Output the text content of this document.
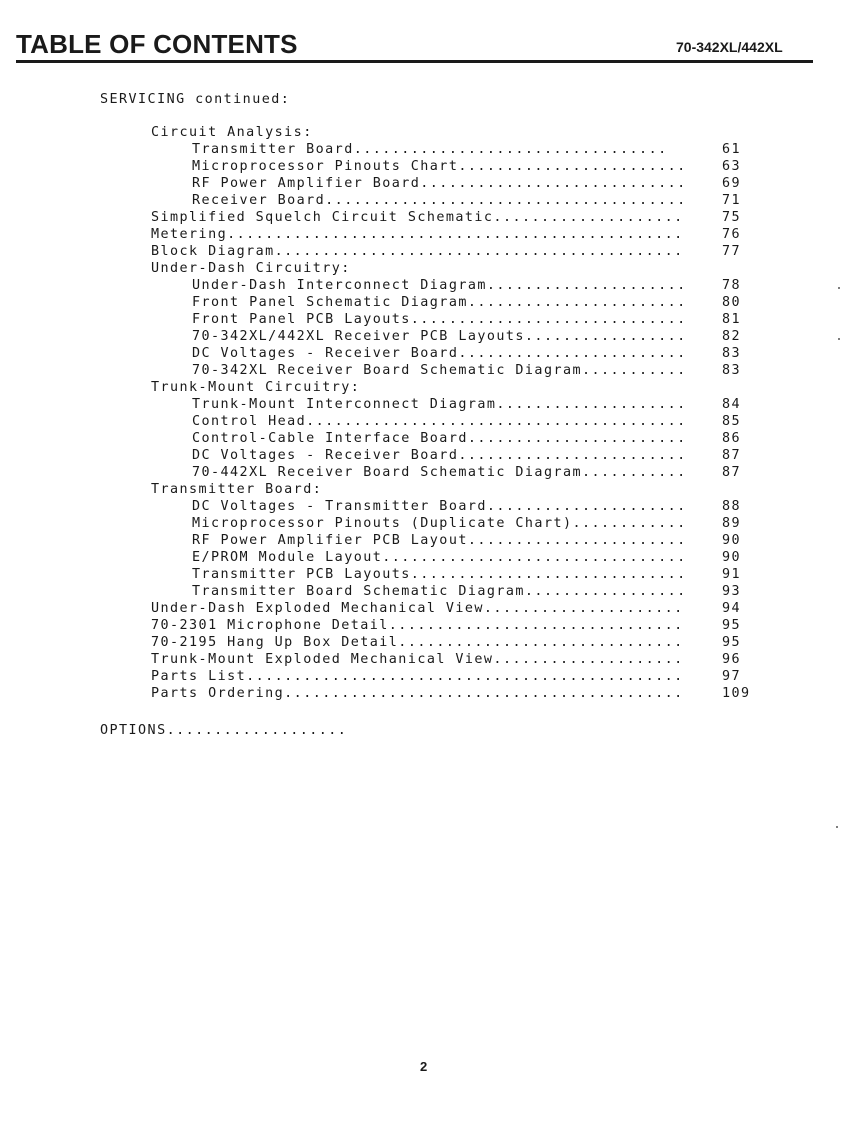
TABLE OF CONTENTS	70-342XL/442XL
SERVICING continued:
Circuit Analysis:
Transmitter Board.................................	61
Microprocessor Pinouts Chart........................	63
RF Power Amplifier Board............................	69
Receiver Board......................................	71
Simplified Squelch Circuit Schematic....................	75
Metering................................................	76
Block Diagram...........................................	77
Under-Dash Circuitry:
Under-Dash Interconnect Diagram.....................	78
Front Panel Schematic Diagram.......................	80
Front Panel PCB Layouts.............................	81
70-342XL/442XL Receiver PCB Layouts.................	82
DC Voltages - Receiver Board........................	83
70-342XL Receiver Board Schematic Diagram...........	83
Trunk-Mount Circuitry:
Trunk-Mount Interconnect Diagram....................	84
Control Head........................................	85
Control-Cable Interface Board.......................	86
DC Voltages - Receiver Board........................	87
70-442XL Receiver Board Schematic Diagram...........	87
Transmitter Board:
DC Voltages - Transmitter Board.....................	88
Microprocessor Pinouts (Duplicate Chart)............	89
RF Power Amplifier PCB Layout.......................	90
E/PROM Module Layout................................	90
Transmitter PCB Layouts.............................	91
Transmitter Board Schematic Diagram.................	93
Under-Dash Exploded Mechanical View.....................	94
70-2301 Microphone Detail...............................	95
70-2195 Hang Up Box Detail..............................	95
Trunk-Mount Exploded Mechanical View....................	96
Parts List..............................................	97
Parts Ordering..........................................	109
OPTIONS...................
2
